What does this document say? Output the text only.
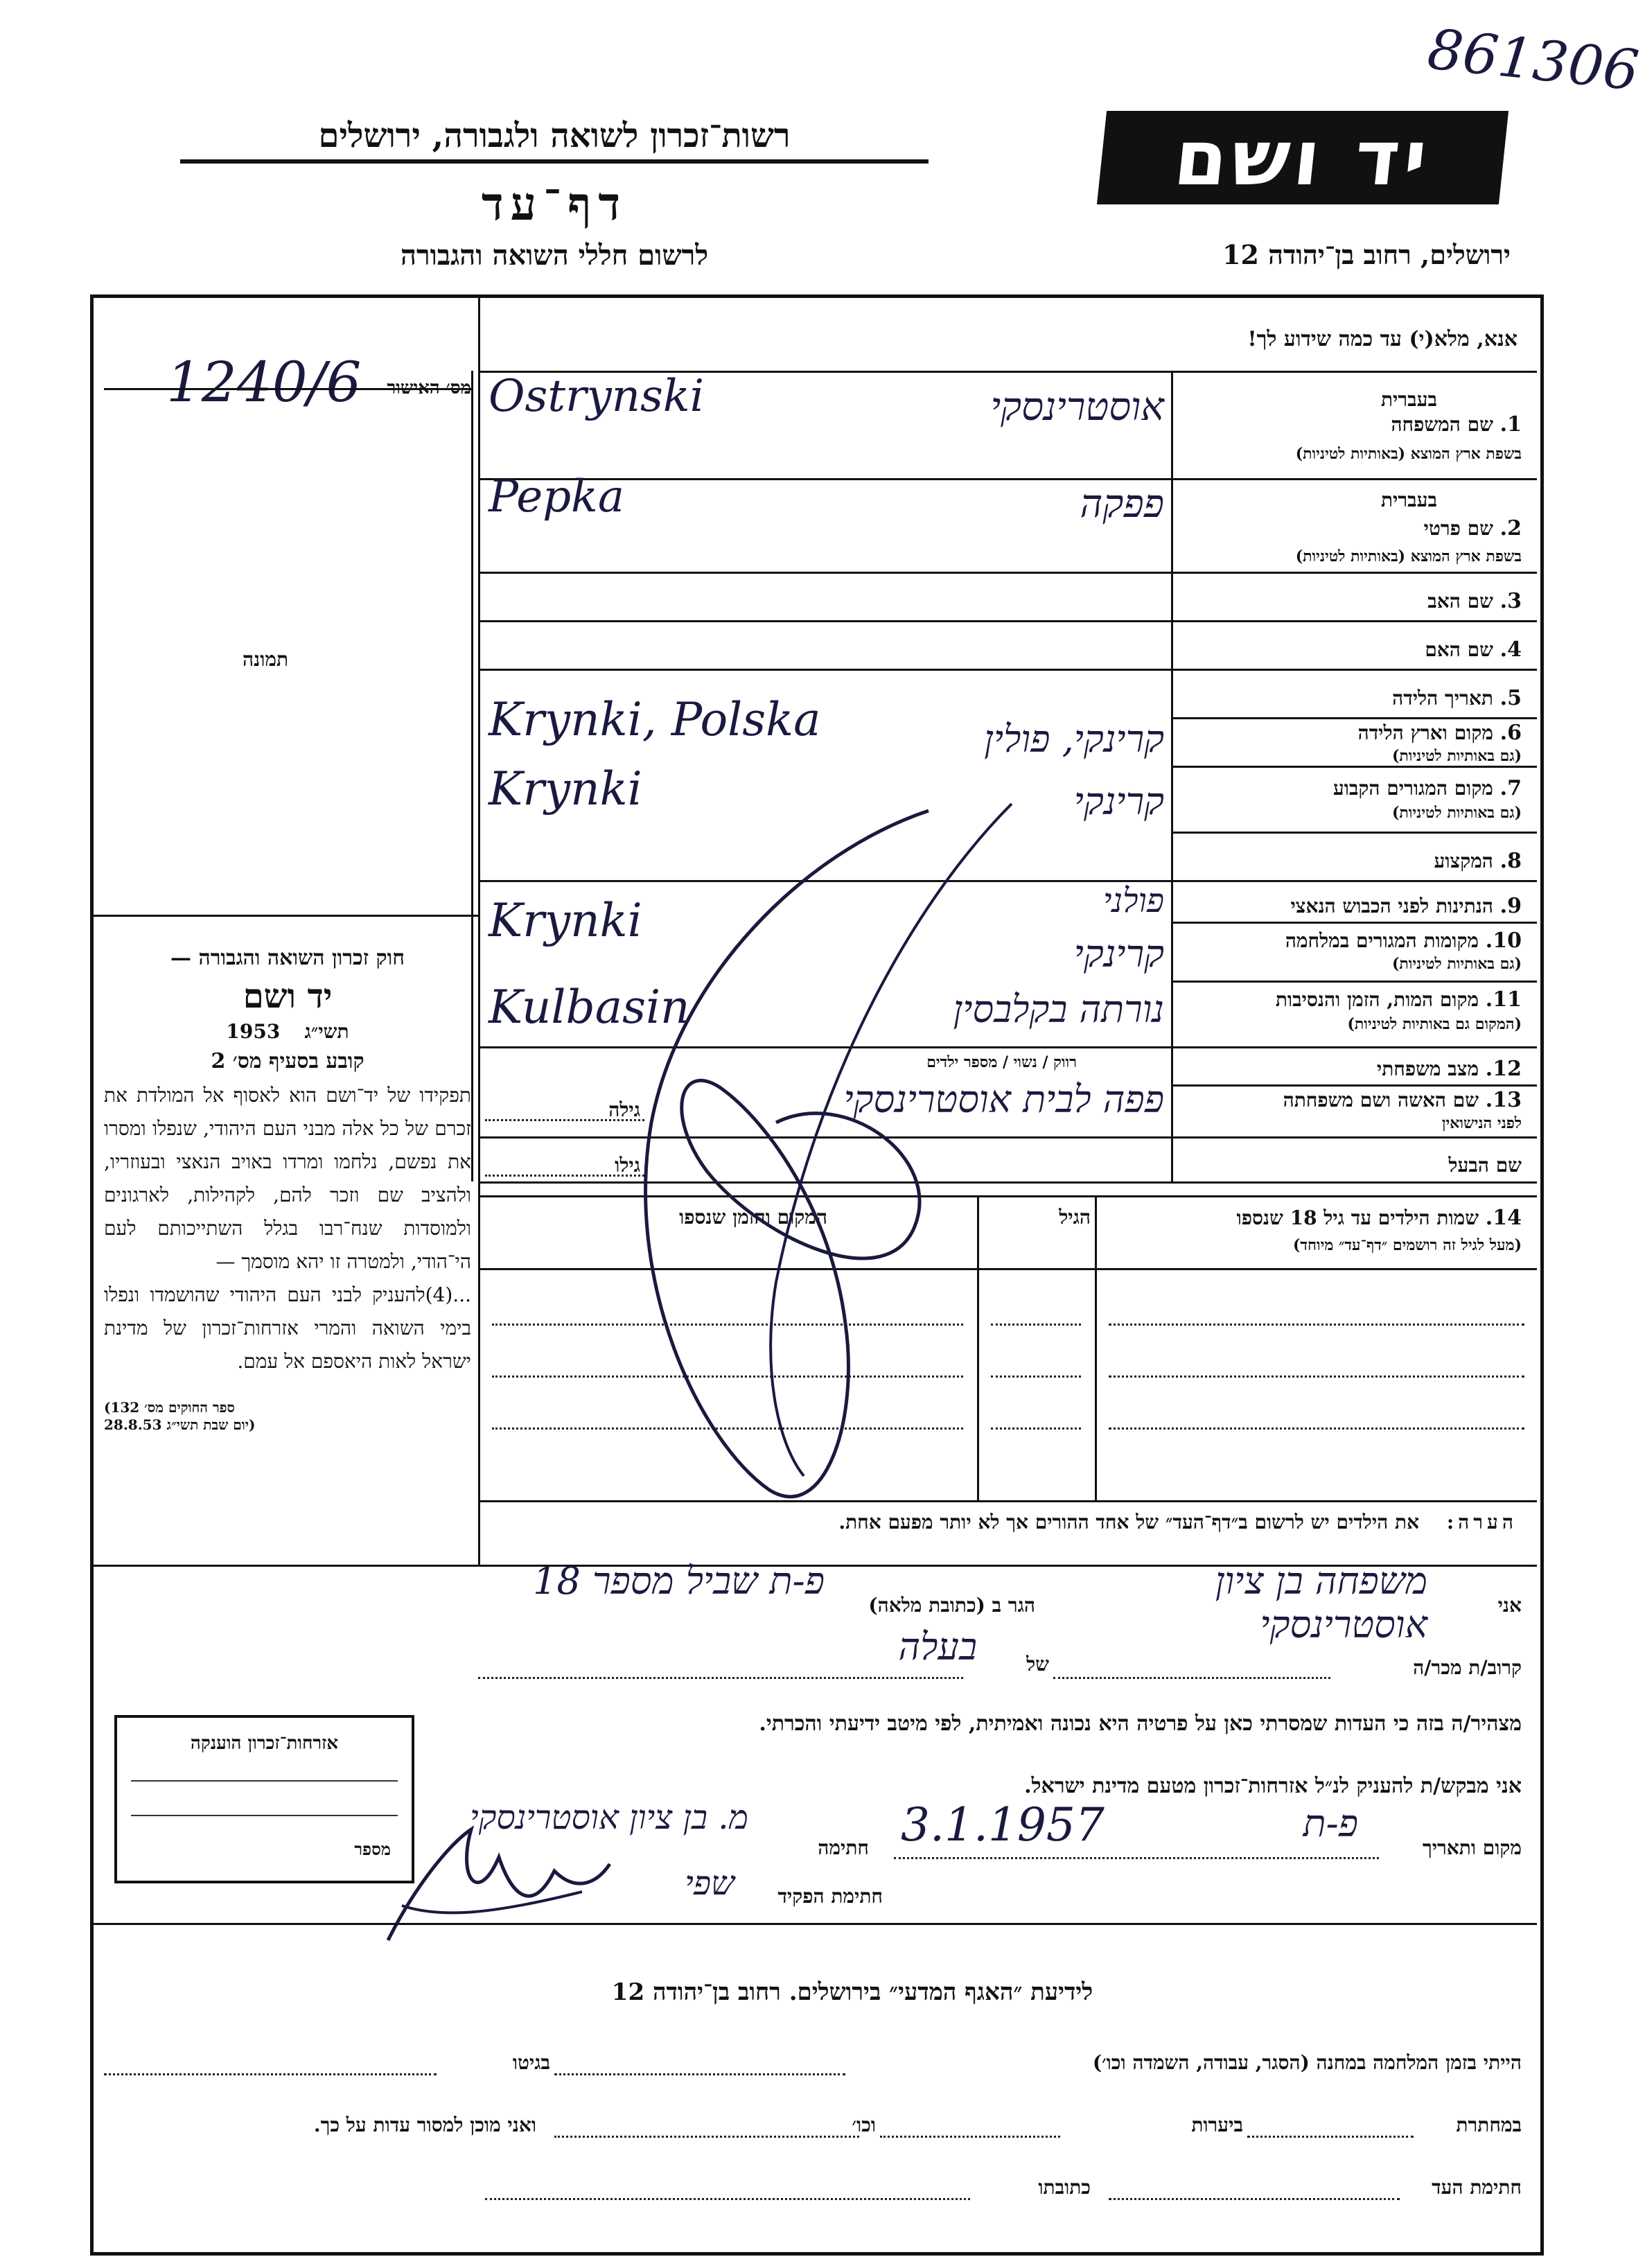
861306
יד ושם
רשות־זכרון לשואה ולגבורה, ירושלים
דף־עד
לרשום חללי השואה והגבורה	ירושלים, רחוב בן־יהודה 12
מס׳ האישור
1240/6
תמונה
חוק זכרון השואה והגבורה —
יד ושם
תשי״ג 1953
קובע בסעיף מס׳ 2
תפקידו של יד־ושם הוא לאסוף אל המולדת את זכרם של כל אלה מבני העם היהודי, שנפלו ומסרו את נפשם, נלחמו ומרדו באויב הנאצי ובעוזריו, ולהציב שם וזכר להם, לקהילות, לארגונים ולמוסדות שנח־רבו בגלל השתייכותם לעם הי־הודי, ולמטרה זו יהא מוסמך —
...(4)להעניק לבני העם היהודי שהושמדו ונפלו בימי השואה והמרי אזרחות־זכרון של מדינת ישראל לאות היאספם אל עמם.
(ספר החוקים מס׳ 132
יום שבת תשי״ג 28.8.53)
אנא, מלא(י) עד כמה שידוע לך!
1. שם המשפחה
בשפת ארץ המוצא (באותיות לטיניות)
בעברית
אוסטרינסקי
Ostrynski
2. שם פרטי
בשפת ארץ המוצא (באותיות לטיניות)
בעברית
פפקה
Pepka
3. שם האב
4. שם האם
5. תאריך הלידה
6. מקום וארץ הלידה
(גם באותיות לטיניות)
קרינקי, פולין
Krynki, Polska
7. מקום המגורים הקבוע
(גם באותיות לטיניות)
קרינקי
Krynki
8. המקצוע
9. הנתינות לפני הכבוש הנאצי
פולני
10. מקומות המגורים במלחמה
(גם באותיות לטיניות)
קרינקי
Krynki
11. מקום המות, הזמן והנסיבות
(המקום גם באותיות לטיניות)
נורתה בקלבסין
Kulbasin
12. מצב משפחתי
רווק / נשוי / מספר ילדים
13. שם האשה ושם משפחתה
לפני הנישואין
פפה לבית אוסטרינסקי
גילה
גילו	שם הבעל
14. שמות הילדים עד גיל 18 שנספו
(מעל לגיל זה רושמים ״דף־עד״ מיוחד)
הגיל
המקום והזמן שנספו
הערה: את הילדים יש לרשום ב״דף־העד״ של אחד ההורים אך לא יותר מפעם אחת.
אני
משפחה בן ציון אוסטרינסקי
הגר ב (כתובת מלאה)
פ-ת שביל מספר 18
קרוב/ת מכר/ה
של
בעלה
מצהיר/ה בזה כי העדות שמסרתי כאן על פרטיה היא נכונה ואמיתית, לפי מיטב ידיעתי והכרתי.
אני מבקש/ת להעניק לנ״ל אזרחות־זכרון מטעם מדינת ישראל.
מקום ותאריך
פ-ת
3.1.1957
חתימה
מ. בן ציון אוסטרינסקי
חתימת הפקיד
שפי
אזרחות־זכרון הוענקה
מספר
לידיעת ״האגף המדעי״ בירושלים. רחוב בן־יהודה 12
הייתי בזמן המלחמה במחנה (הסגר, עבודה, השמדה וכו׳)
בגיטו
במחתרת
ביערות
וכו׳
ואני מוכן למסור עדות על כך.
חתימת העד
כתובתו
